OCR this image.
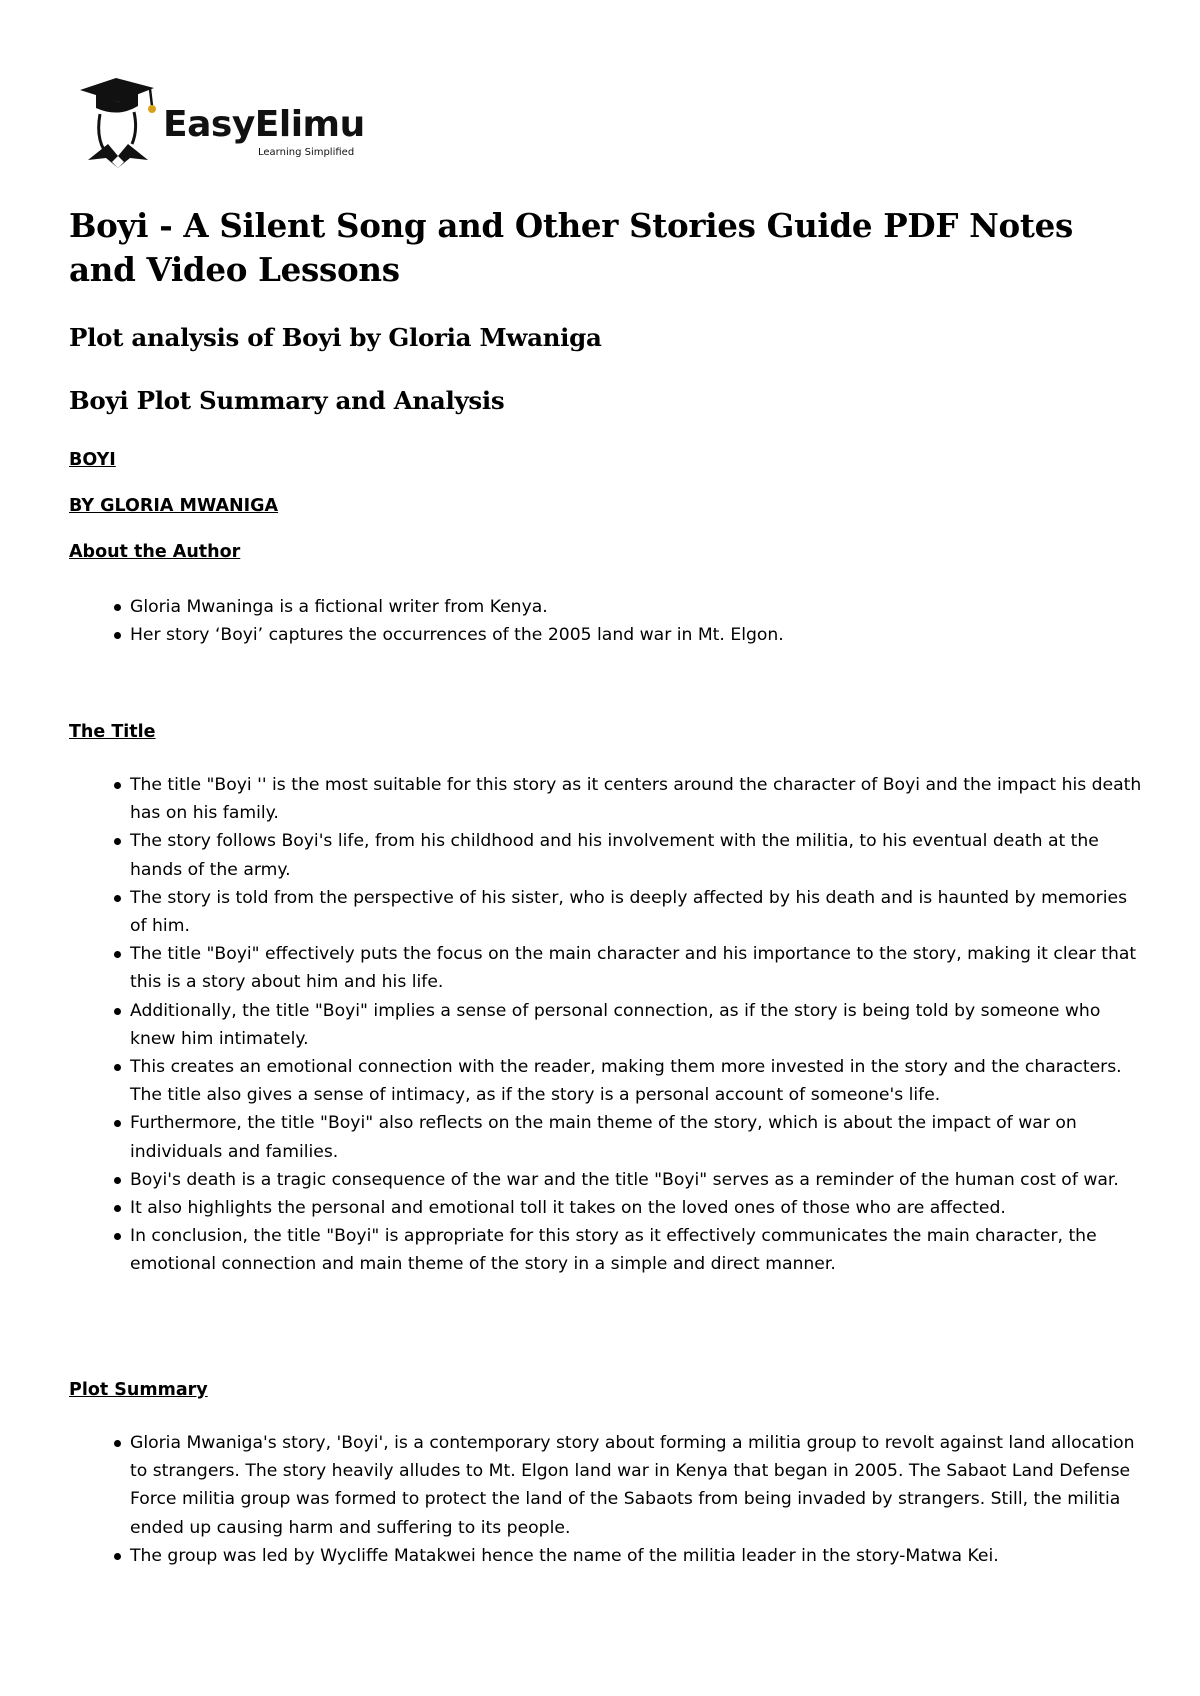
EasyElimu
Learning Simplified
Boyi - A Silent Song and Other Stories Guide PDF Notes and Video Lessons
Plot analysis of Boyi by Gloria Mwaniga
Boyi Plot Summary and Analysis
BOYI
BY GLORIA MWANIGA
About the Author
Gloria Mwaninga is a fictional writer from Kenya.
Her story ‘Boyi’ captures the occurrences of the 2005 land war in Mt. Elgon.
The Title
The title "Boyi '' is the most suitable for this story as it centers around the character of Boyi and the impact his death has on his family.
The story follows Boyi's life, from his childhood and his involvement with the militia, to his eventual death at the hands of the army.
The story is told from the perspective of his sister, who is deeply affected by his death and is haunted by memories of him.
The title "Boyi" effectively puts the focus on the main character and his importance to the story, making it clear that this is a story about him and his life.
Additionally, the title "Boyi" implies a sense of personal connection, as if the story is being told by someone who knew him intimately.
This creates an emotional connection with the reader, making them more invested in the story and the characters. The title also gives a sense of intimacy, as if the story is a personal account of someone's life.
Furthermore, the title "Boyi" also reflects on the main theme of the story, which is about the impact of war on individuals and families.
Boyi's death is a tragic consequence of the war and the title "Boyi" serves as a reminder of the human cost of war.
It also highlights the personal and emotional toll it takes on the loved ones of those who are affected.
In conclusion, the title "Boyi" is appropriate for this story as it effectively communicates the main character, the emotional connection and main theme of the story in a simple and direct manner.
Plot Summary
Gloria Mwaniga's story, 'Boyi', is a contemporary story about forming a militia group to revolt against land allocation to strangers. The story heavily alludes to Mt. Elgon land war in Kenya that began in 2005. The Sabaot Land Defense Force militia group was formed to protect the land of the Sabaots from being invaded by strangers. Still, the militia ended up causing harm and suffering to its people.
The group was led by Wycliffe Matakwei hence the name of the militia leader in the story-Matwa Kei.
